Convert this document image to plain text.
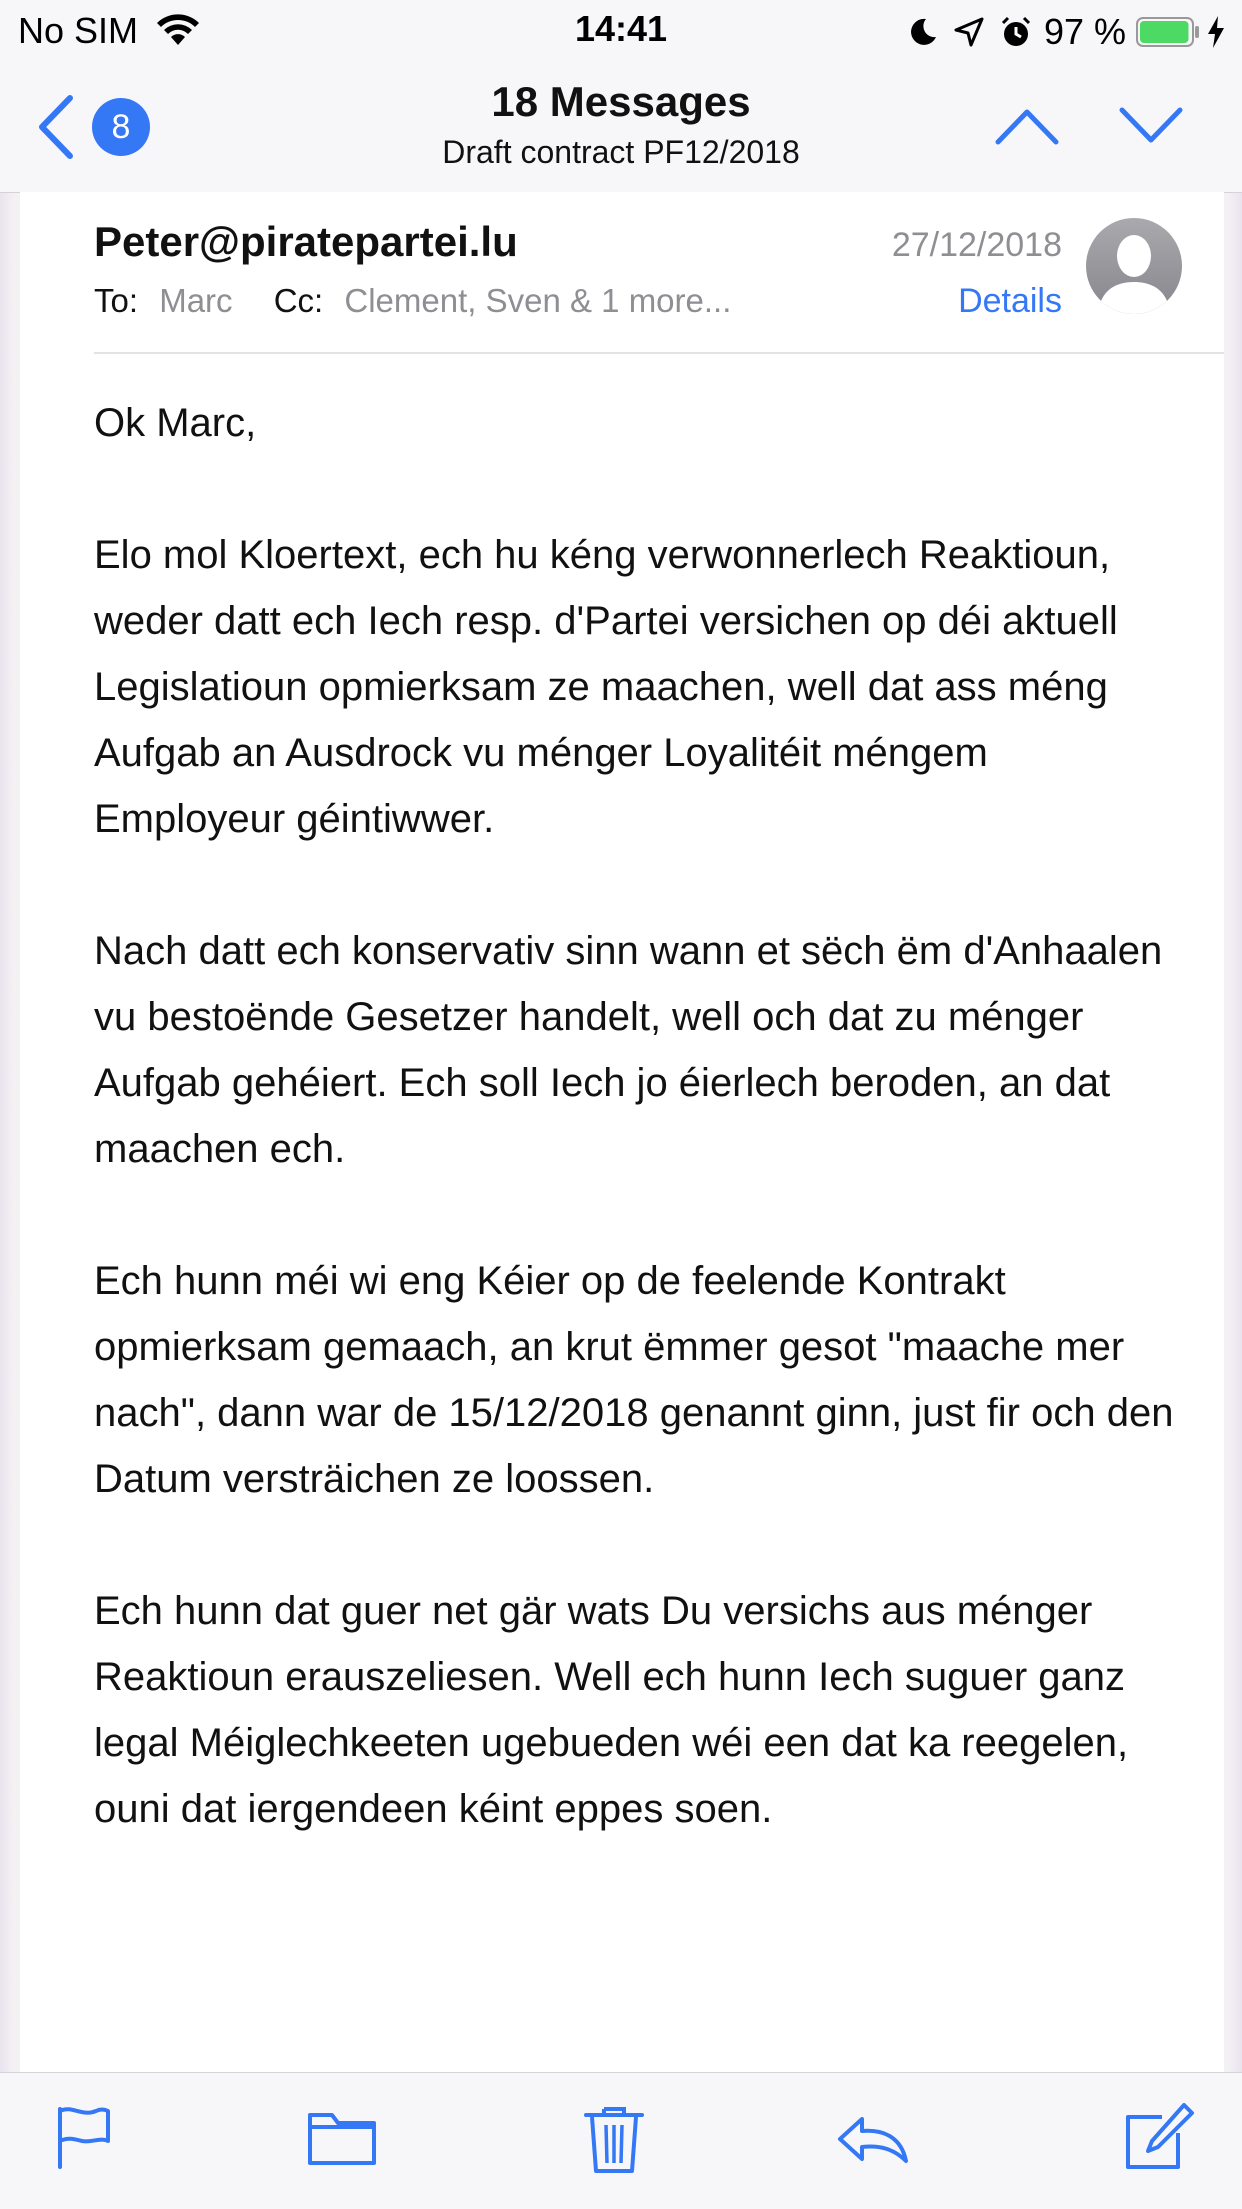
No SIM	14:41	97 %
8
18 Messages
Draft contract PF12/2018
Peter@piratepartei.lu	27/12/2018
To: Marc Cc: Clement, Sven & 1 more...	Details

Ok Marc,

Elo mol Kloertext, ech hu kéng verwonnerlech Reaktioun, weder datt ech Iech resp. d'Partei versichen op déi aktuell Legislatioun opmierksam ze maachen, well dat ass méng Aufgab an Ausdrock vu ménger Loyalitéit méngem Employeur géintiwwer.

Nach datt ech konservativ sinn wann et sëch ëm d'Anhaalen vu bestoënde Gesetzer handelt, well och dat zu ménger Aufgab gehéiert. Ech soll Iech jo éierlech beroden, an dat maachen ech.

Ech hunn méi wi eng Kéier op de feelende Kontrakt opmierksam gemaach, an krut ëmmer gesot "maache mer nach", dann war de 15/12/2018 genannt ginn, just fir och den Datum versträichen ze loossen.

Ech hunn dat guer net gär wats Du versichs aus ménger Reaktioun erauszeliesen. Well ech hunn Iech suguer ganz legal Méiglechkeeten ugebueden wéi een dat ka reegelen, ouni dat iergendeen kéint eppes soen.
